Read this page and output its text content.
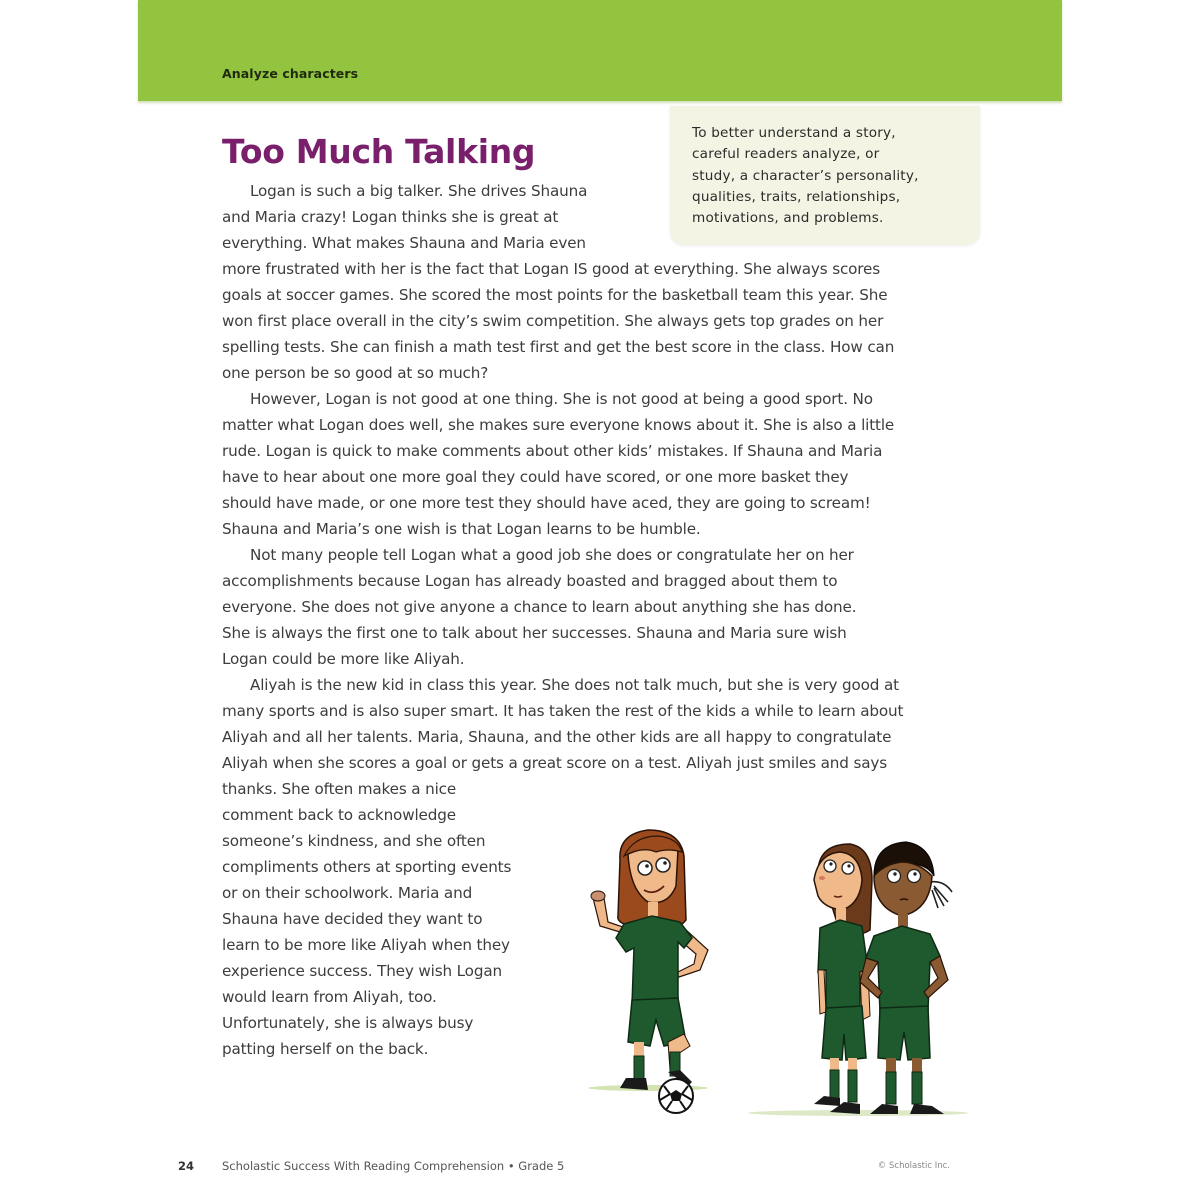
Analyze characters
Too Much Talking	To better understand a story,
careful readers analyze, or
study, a character’s personality,
qualities, traits, relationships,
motivations, and problems.
Logan is such a big talker. She drives Shauna
and Maria crazy! Logan thinks she is great at
everything. What makes Shauna and Maria even
more frustrated with her is the fact that Logan IS good at everything. She always scores
goals at soccer games. She scored the most points for the basketball team this year. She
won first place overall in the city’s swim competition. She always gets top grades on her
spelling tests. She can finish a math test first and get the best score in the class. How can
one person be so good at so much?
However, Logan is not good at one thing. She is not good at being a good sport. No
matter what Logan does well, she makes sure everyone knows about it. She is also a little
rude. Logan is quick to make comments about other kids’ mistakes. If Shauna and Maria
have to hear about one more goal they could have scored, or one more basket they
should have made, or one more test they should have aced, they are going to scream!
Shauna and Maria’s one wish is that Logan learns to be humble.
Not many people tell Logan what a good job she does or congratulate her on her
accomplishments because Logan has already boasted and bragged about them to
everyone. She does not give anyone a chance to learn about anything she has done.
She is always the first one to talk about her successes. Shauna and Maria sure wish
Logan could be more like Aliyah.
Aliyah is the new kid in class this year. She does not talk much, but she is very good at
many sports and is also super smart. It has taken the rest of the kids a while to learn about
Aliyah and all her talents. Maria, Shauna, and the other kids are all happy to congratulate
Aliyah when she scores a goal or gets a great score on a test. Aliyah just smiles and says
thanks. She often makes a nice
comment back to acknowledge
someone’s kindness, and she often
compliments others at sporting events
or on their schoolwork. Maria and
Shauna have decided they want to
learn to be more like Aliyah when they
experience success. They wish Logan
would learn from Aliyah, too.
Unfortunately, she is always busy
patting herself on the back.
24 Scholastic Success With Reading Comprehension • Grade 5	© Scholastic Inc.
